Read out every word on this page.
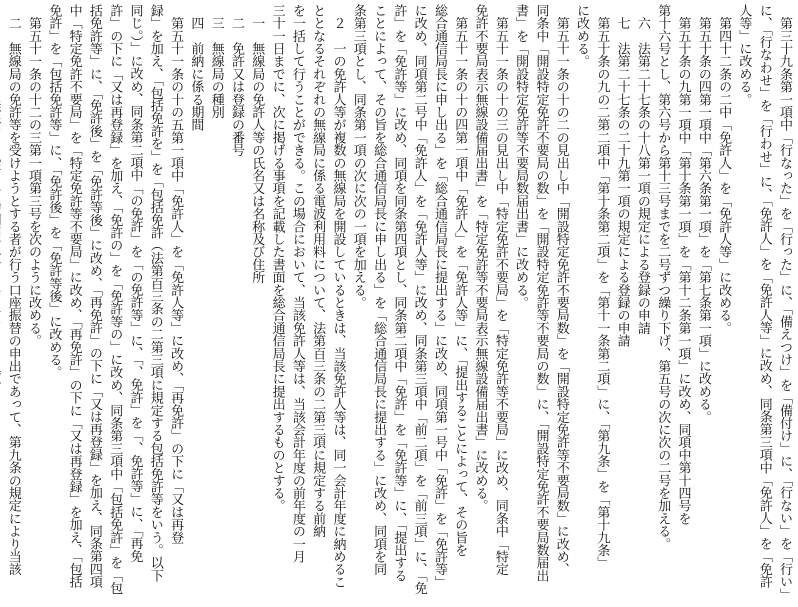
　第三十九条第一項中「行なった」を「行った」に、「備えつけ」を「備付け」に、「行ない」を「行い」
に、「行なわせ」を「行わせ」に、「免許人」を「免許人等」に改め、同条第三項中「免許人」を「免許
人等」に改める。
　第四十二条の二中「免許人」を「免許人等」に改める。
　第五十条の四第一項中「第六条第一項」を「第七条第一項」に改める。
　第五十条の九第一項中「第十条第一項」を「第十二条第一項」に改め、同項中第十四号を
第十六号とし、第六号から第十三号までを二号ずつ繰り下げ、第五号の次に次の二号を加える。
　六　法第二十七条の十八第一項の規定による登録の申請
　七　法第二十七条の二十九第一項の規定による登録の申請
　第五十条の九の二第二項中「第十条第二項」を「第十一条第二項」に、「第九条」を「第十九条」
に改める。
　第五十一条の十の二の見出し中「開設特定免許不要局数」を「開設特定免許等不要局数」に改め、
同条中「開設特定免許不要局の数」を「開設特定免許等不要局の数」に、「開設特定免許不要局数届出
書」を「開設特定免許等不要局数届出書」に改める。
　第五十一条の十の三の見出し中「特定免許不要局」を「特定免許等不要局」に改め、同条中「特定
免許不要局表示無線設備届出書」を「特定免許等不要局表示無線設備届出書」に改める。
　第五十一条の十の四第一項中「免許人」を「免許人等」に、「提出することによって、その旨を
総合通信局長に申し出る」を「総合通信局長に提出する」に改め、同項第一号中「免許」を「免許等」
に改め、同項第二号中「免許人」を「免許人等」に改め、同条第三項中「前二項」を「前三項」に、「免
許」を「免許等」に改め、同項を同条第四項とし、同条第二項中「免許」を「免許等」に、「提出する
ことによって、その旨を総合通信局長に申し出る」を「総合通信局長に提出する」に改め、同項を同
条第三項とし、同条第一項の次に次の一項を加える。
　２　一の免許人等が複数の無線局を開設しているときは、当該免許人等は、同一会計年度に納めるこ
ととなるそれぞれの無線局に係る電波利用料について、法第百三条の二第三項に規定する前納
を一括して行うことができる。この場合において、当該免許人等は、当該会計年度の前年度の一月
三十一日までに、次に掲げる事項を記載した書面を総合通信局長に提出するものとする。
　一　無線局の免許人等の氏名又は名称及び住所
　二　免許又は登録の番号
　三　無線局の種別
　四　前納に係る期間
　第五十一条の十の五第一項中「免許人」を「免許人等」に改め、「再免許」の下に「又は再登
録」を加え、「包括免許を」を「包括免許（法第百三条の二第三項に規定する包括免許等をいう。以下
同じ。）」に改め、同条第二項中「の免許」を「の免許等」に、「、免許」を「、免許等」に、「再免
許」の下に「又は再登録」を加え、「免許の」を「免許等の」に改め、同条第三項中「包括免許」を「包
括免許等」に、「免許後」を「免許等後」に改め、「再免許」の下に「又は再登録」を加え、同条第四項
中「特定免許不要局」を「特定免許等不要局」に改め、「再免許」の下に「又は再登録」を加え、「包括
免許」を「包括免許等」に、「免許後」を「免許等後」に改める。
　第五十一条の十二の三第一項第三号を次のように改める。
　二　無線局の免許等を受けようとする者が行う口座振替の申出であって、第九条の規定により当該
